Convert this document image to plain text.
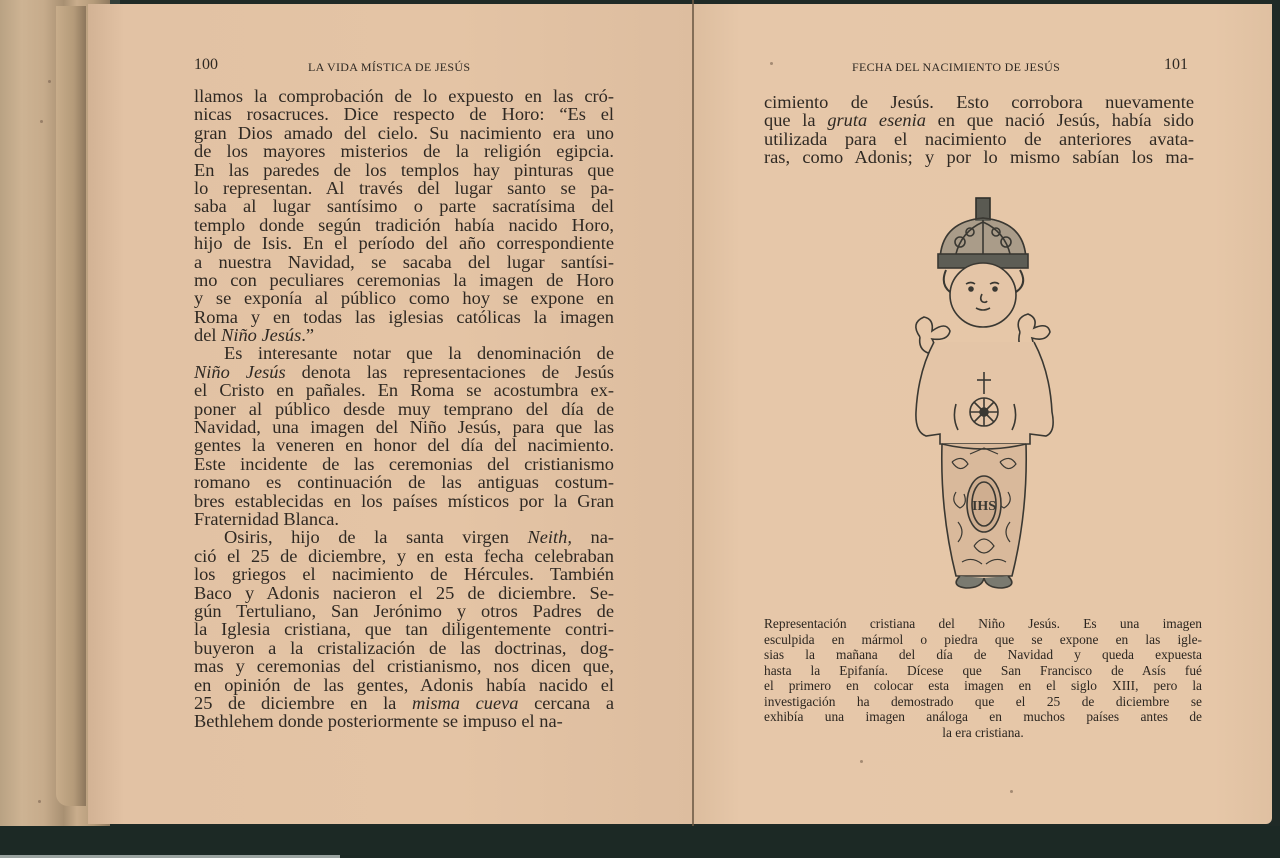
100	LA VIDA MÍSTICA DE JESÚS
llamos la comprobación de lo expuesto en las cró-
nicas rosacruces. Dice respecto de Horo: “Es el
gran Dios amado del cielo. Su nacimiento era uno
de los mayores misterios de la religión egipcia.
En las paredes de los templos hay pinturas que
lo representan. Al través del lugar santo se pa-
saba al lugar santísimo o parte sacratísima del
templo donde según tradición había nacido Horo,
hijo de Isis. En el período del año correspondiente
a nuestra Navidad, se sacaba del lugar santísi-
mo con peculiares ceremonias la imagen de Horo
y se exponía al público como hoy se expone en
Roma y en todas las iglesias católicas la imagen
del Niño Jesús.”
Es interesante notar que la denominación de
Niño Jesús denota las representaciones de Jesús
el Cristo en pañales. En Roma se acostumbra ex-
poner al público desde muy temprano del día de
Navidad, una imagen del Niño Jesús, para que las
gentes la veneren en honor del día del nacimiento.
Este incidente de las ceremonias del cristianismo
romano es continuación de las antiguas costum-
bres establecidas en los países místicos por la Gran
Fraternidad Blanca.
Osiris, hijo de la santa virgen Neith, na-
ció el 25 de diciembre, y en esta fecha celebraban
los griegos el nacimiento de Hércules. También
Baco y Adonis nacieron el 25 de diciembre. Se-
gún Tertuliano, San Jerónimo y otros Padres de
la Iglesia cristiana, que tan diligentemente contri-
buyeron a la cristalización de las doctrinas, dog-
mas y ceremonias del cristianismo, nos dicen que,
en opinión de las gentes, Adonis había nacido el
25 de diciembre en la misma cueva cercana a
Bethlehem donde posteriormente se impuso el na-
FECHA DEL NACIMIENTO DE JESÚS	101
cimiento de Jesús. Esto corrobora nuevamente
que la gruta esenia en que nació Jesús, había sido
utilizada para el nacimiento de anteriores avata-
ras, como Adonis; y por lo mismo sabían los ma-
IHS
Representación cristiana del Niño Jesús. Es una imagen
esculpida en mármol o piedra que se expone en las igle-
sias la mañana del día de Navidad y queda expuesta
hasta la Epifanía. Dícese que San Francisco de Asís fué
el primero en colocar esta imagen en el siglo XIII, pero la
investigación ha demostrado que el 25 de diciembre se
exhibía una imagen análoga en muchos países antes de
la era cristiana.
